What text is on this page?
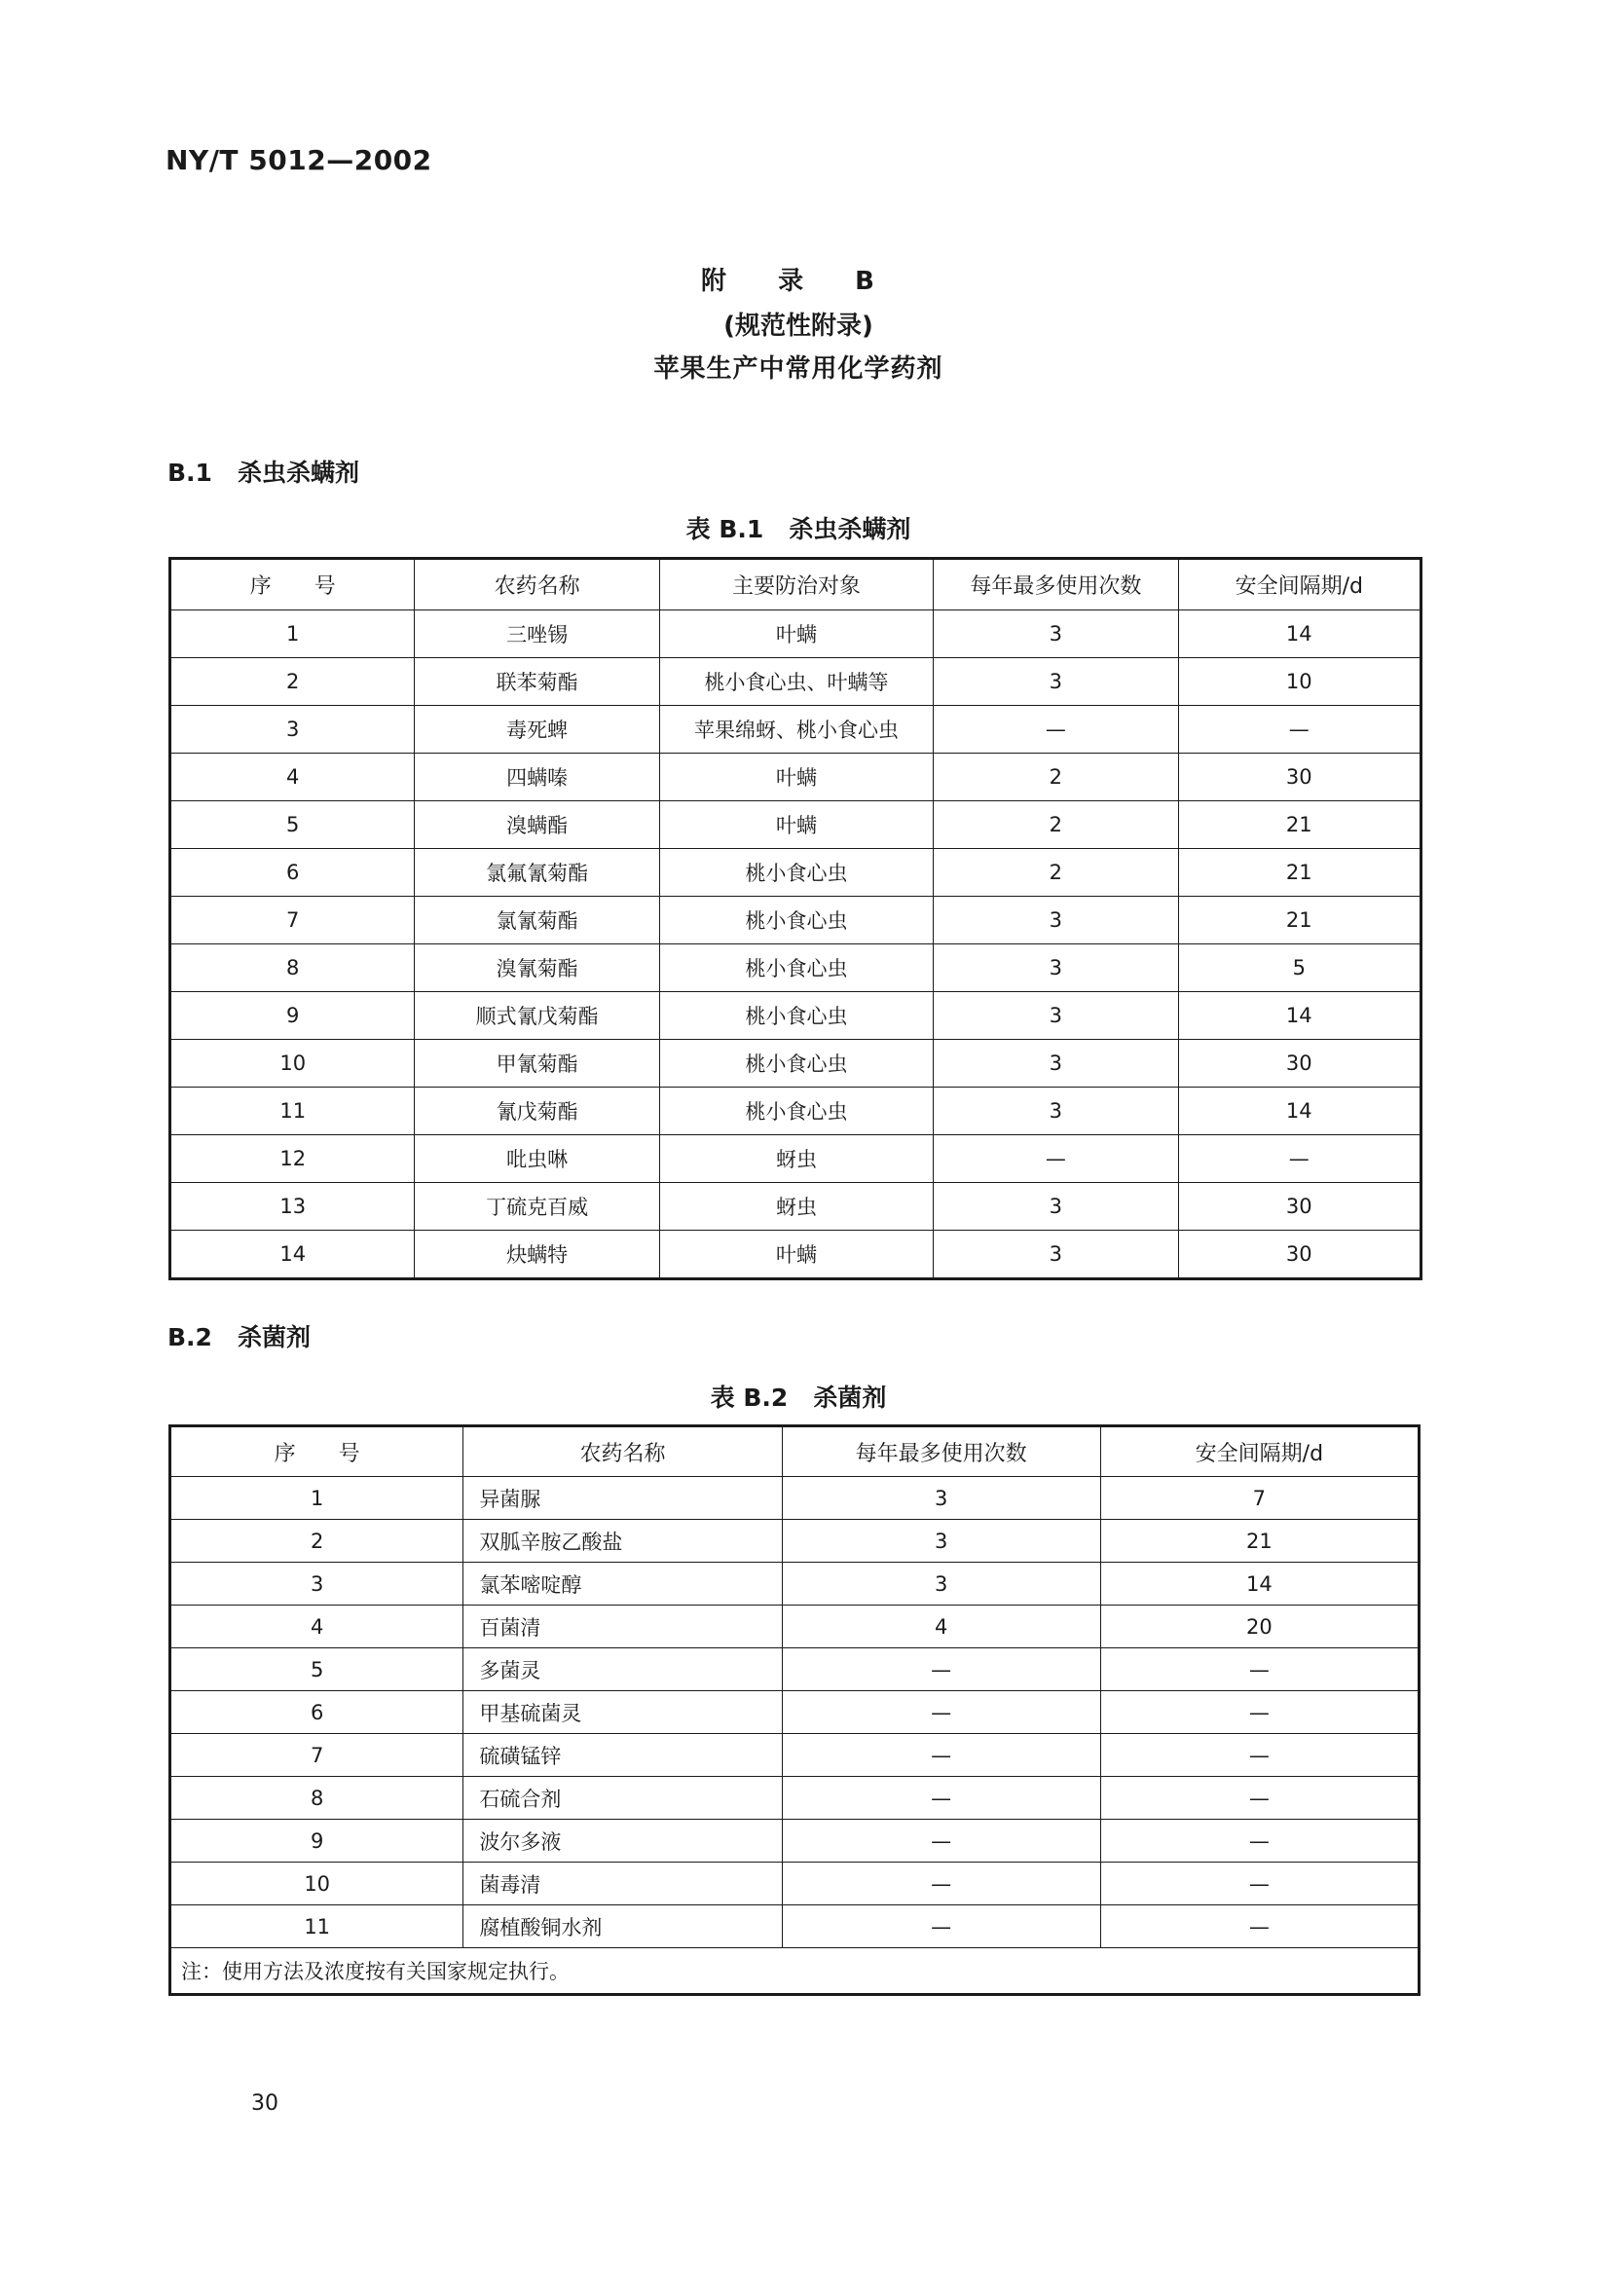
NY/T 5012—2002
附 录 B
(规范性附录)
苹果生产中常用化学药剂
B.1 杀虫杀螨剂
表 B.1 杀虫杀螨剂
序　　号	农药名称	主要防治对象	每年最多使用次数	安全间隔期/d
1	三唑锡	叶螨	3	14
2	联苯菊酯	桃小食心虫、叶螨等	3	10
3	毒死蜱	苹果绵蚜、桃小食心虫	—	—
4	四螨嗪	叶螨	2	30
5	溴螨酯	叶螨	2	21
6	氯氟氰菊酯	桃小食心虫	2	21
7	氯氰菊酯	桃小食心虫	3	21
8	溴氰菊酯	桃小食心虫	3	5
9	顺式氰戊菊酯	桃小食心虫	3	14
10	甲氰菊酯	桃小食心虫	3	30
11	氰戊菊酯	桃小食心虫	3	14
12	吡虫啉	蚜虫	—	—
13	丁硫克百威	蚜虫	3	30
14	炔螨特	叶螨	3	30
B.2 杀菌剂
表 B.2 杀菌剂
序　　号	农药名称	每年最多使用次数	安全间隔期/d
1	异菌脲	3	7
2	双胍辛胺乙酸盐	3	21
3	氯苯嘧啶醇	3	14
4	百菌清	4	20
5	多菌灵	—	—
6	甲基硫菌灵	—	—
7	硫磺锰锌	—	—
8	石硫合剂	—	—
9	波尔多液	—	—
10	菌毒清	—	—
11	腐植酸铜水剂	—	—
注：使用方法及浓度按有关国家规定执行。			
30
